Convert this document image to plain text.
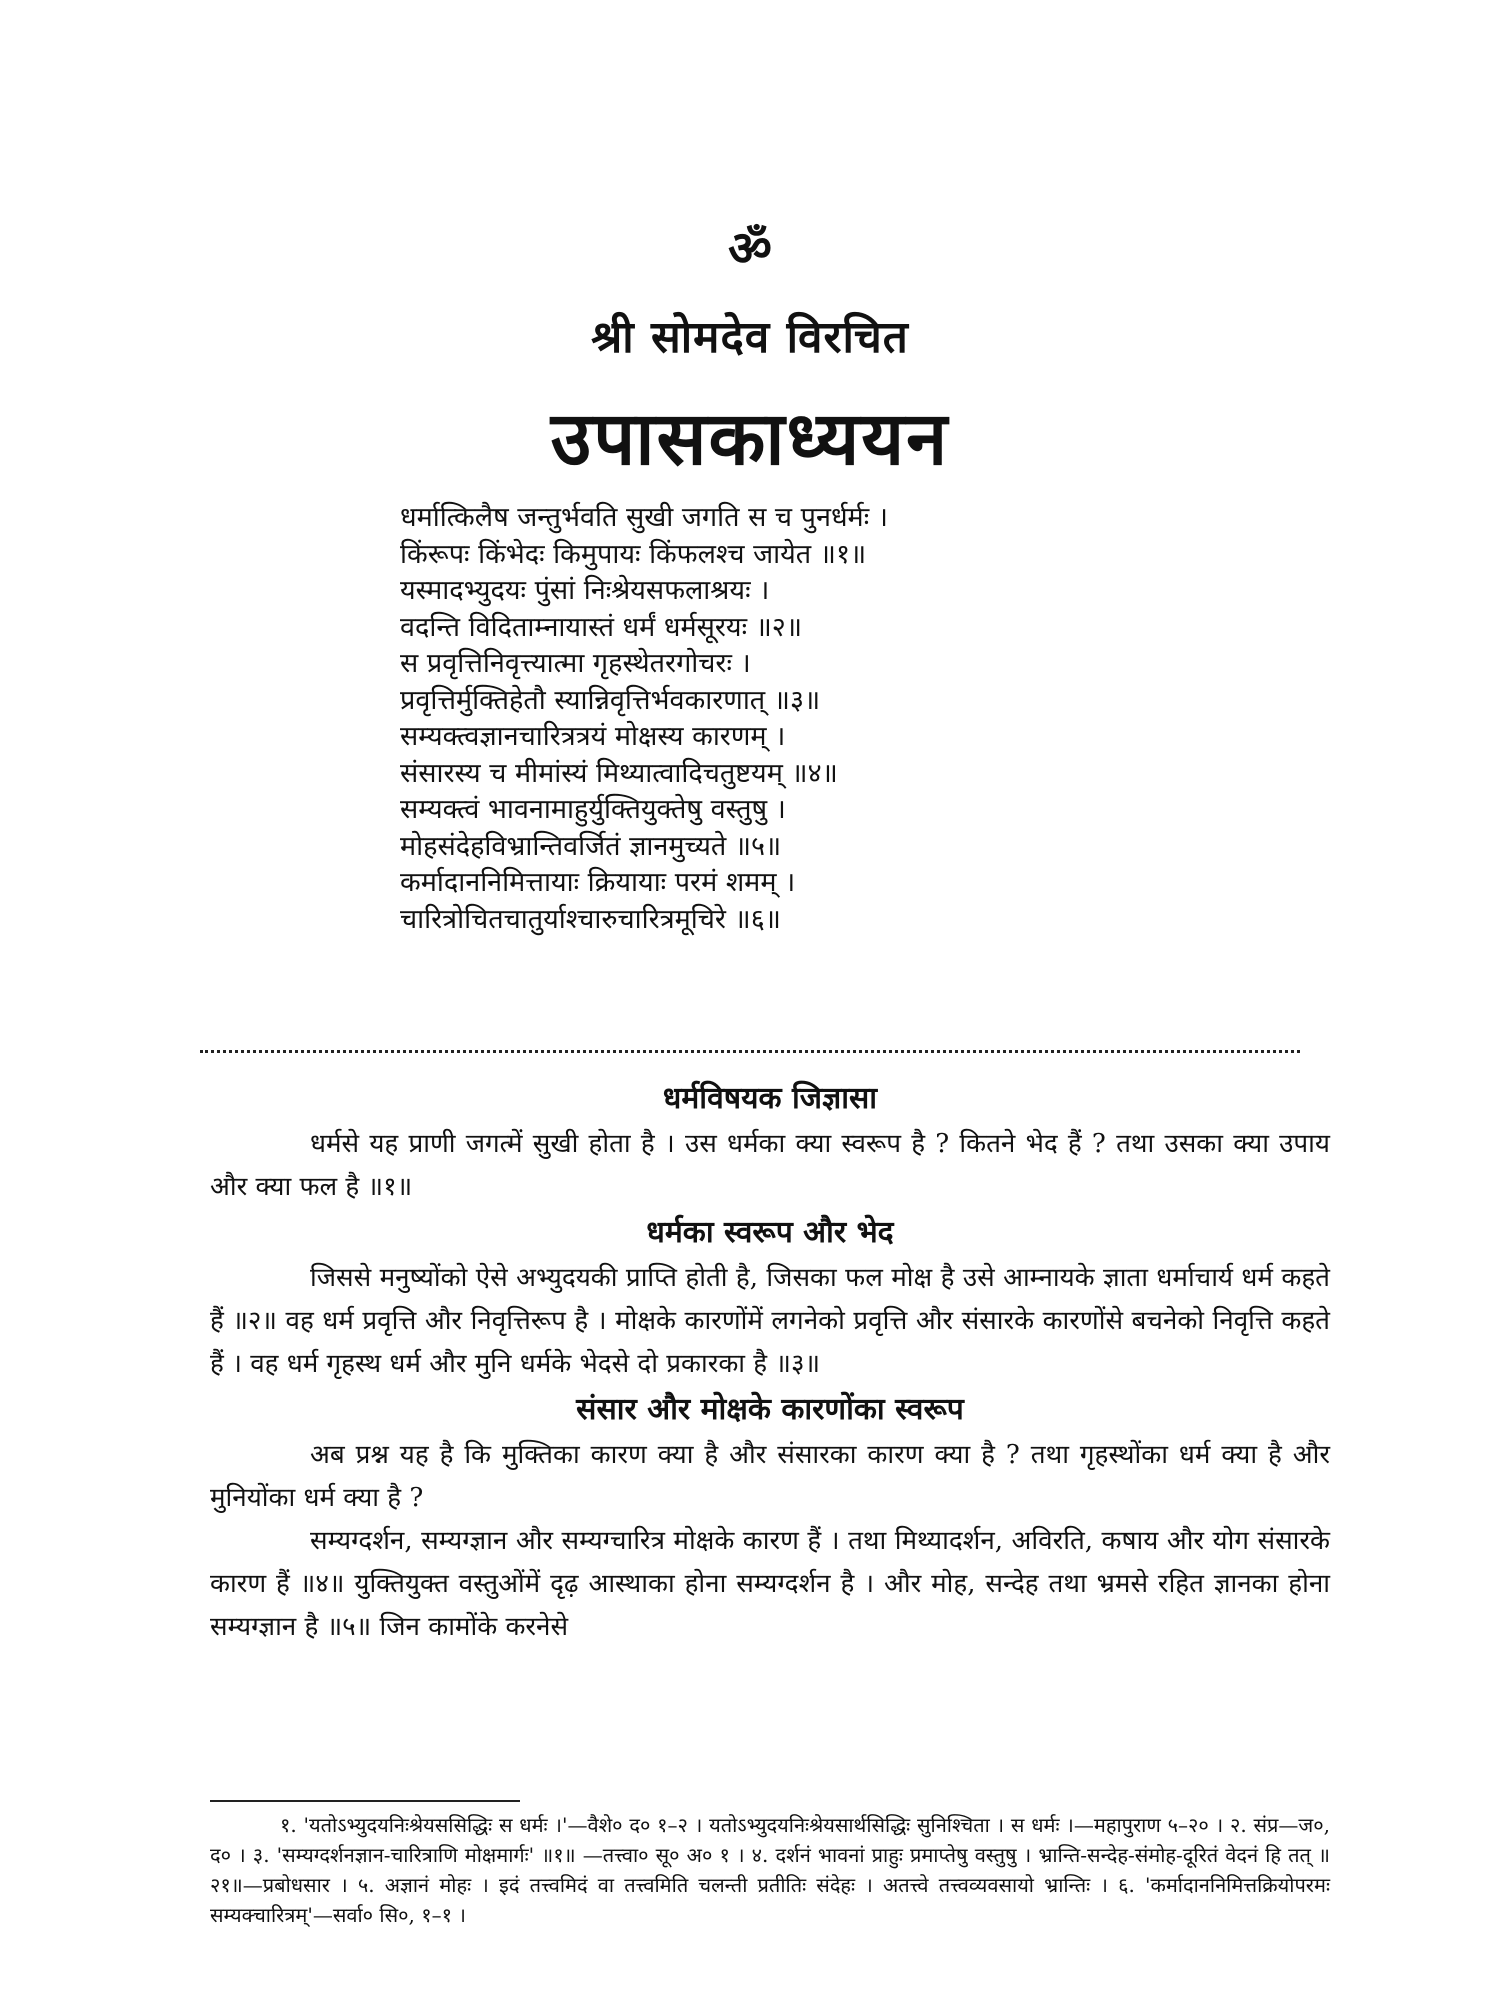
ॐ
श्री सोमदेव विरचित
उपासकाध्ययन
धर्मात्किलैष जन्तुर्भवति सुखी जगति स च पुनर्धर्मः ।
किंरूपः किंभेदः किमुपायः किंफलश्च जायेत ॥१॥
यस्मादभ्युदयः पुंसां निःश्रेयसफलाश्रयः ।
वदन्ति विदिताम्नायास्तं धर्मं धर्मसूरयः ॥२॥
स प्रवृत्तिनिवृत्त्यात्मा गृहस्थेतरगोचरः ।
प्रवृत्तिर्मुक्तिहेतौ स्यान्निवृत्तिर्भवकारणात् ॥३॥
सम्यक्त्वज्ञानचारित्रत्रयं मोक्षस्य कारणम् ।
संसारस्य च मीमांस्यं मिथ्यात्वादिचतुष्टयम् ॥४॥
सम्यक्त्वं भावनामाहुर्युक्तियुक्तेषु वस्तुषु ।
मोहसंदेहविभ्रान्तिवर्जितं ज्ञानमुच्यते ॥५॥
कर्मादाननिमित्तायाः क्रियायाः परमं शमम् ।
चारित्रोचितचातुर्याश्चारुचारित्रमूचिरे ॥६॥
धर्मविषयक जिज्ञासा

धर्मसे यह प्राणी जगत्में सुखी होता है । उस धर्मका क्या स्वरूप है ? कितने भेद हैं ? तथा उसका क्या उपाय और क्या फल है ॥१॥

धर्मका स्वरूप और भेद

जिससे मनुष्योंको ऐसे अभ्युदयकी प्राप्ति होती है, जिसका फल मोक्ष है उसे आम्नायके ज्ञाता धर्माचार्य धर्म कहते हैं ॥२॥ वह धर्म प्रवृत्ति और निवृत्तिरूप है । मोक्षके कारणोंमें लगनेको प्रवृत्ति और संसारके कारणोंसे बचनेको निवृत्ति कहते हैं । वह धर्म गृहस्थ धर्म और मुनि धर्मके भेदसे दो प्रकारका है ॥३॥

संसार और मोक्षके कारणोंका स्वरूप

अब प्रश्न यह है कि मुक्तिका कारण क्या है और संसारका कारण क्या है ? तथा गृहस्थोंका धर्म क्या है और मुनियोंका धर्म क्या है ?

सम्यग्दर्शन, सम्यग्ज्ञान और सम्यग्चारित्र मोक्षके कारण हैं । तथा मिथ्यादर्शन, अविरति, कषाय और योग संसारके कारण हैं ॥४॥ युक्तियुक्त वस्तुओंमें दृढ़ आस्थाका होना सम्यग्दर्शन है । और मोह, सन्देह तथा भ्रमसे रहित ज्ञानका होना सम्यग्ज्ञान है ॥५॥ जिन कामोंके करनेसे

१. 'यतोऽभ्युदयनिःश्रेयससिद्धिः स धर्मः ।'—वैशे० द० १–२ । यतोऽभ्युदयनिःश्रेयसार्थसिद्धिः सुनिश्चिता । स धर्मः ।—महापुराण ५–२० । २. संप्र—ज०, द० । ३. 'सम्यग्दर्शनज्ञान-चारित्राणि मोक्षमार्गः' ॥१॥ —तत्त्वा० सू० अ० १ । ४. दर्शनं भावनां प्राहुः प्रमाप्तेषु वस्तुषु । भ्रान्ति-सन्देह-संमोह-दूरितं वेदनं हि तत् ॥२१॥—प्रबोधसार । ५. अज्ञानं मोहः । इदं तत्त्वमिदं वा तत्त्वमिति चलन्ती प्रतीतिः संदेहः । अतत्त्वे तत्त्वव्यवसायो भ्रान्तिः । ६. 'कर्मादाननिमित्तक्रियोपरमः सम्यक्चारित्रम्'—सर्वा० सि०, १–१ ।
